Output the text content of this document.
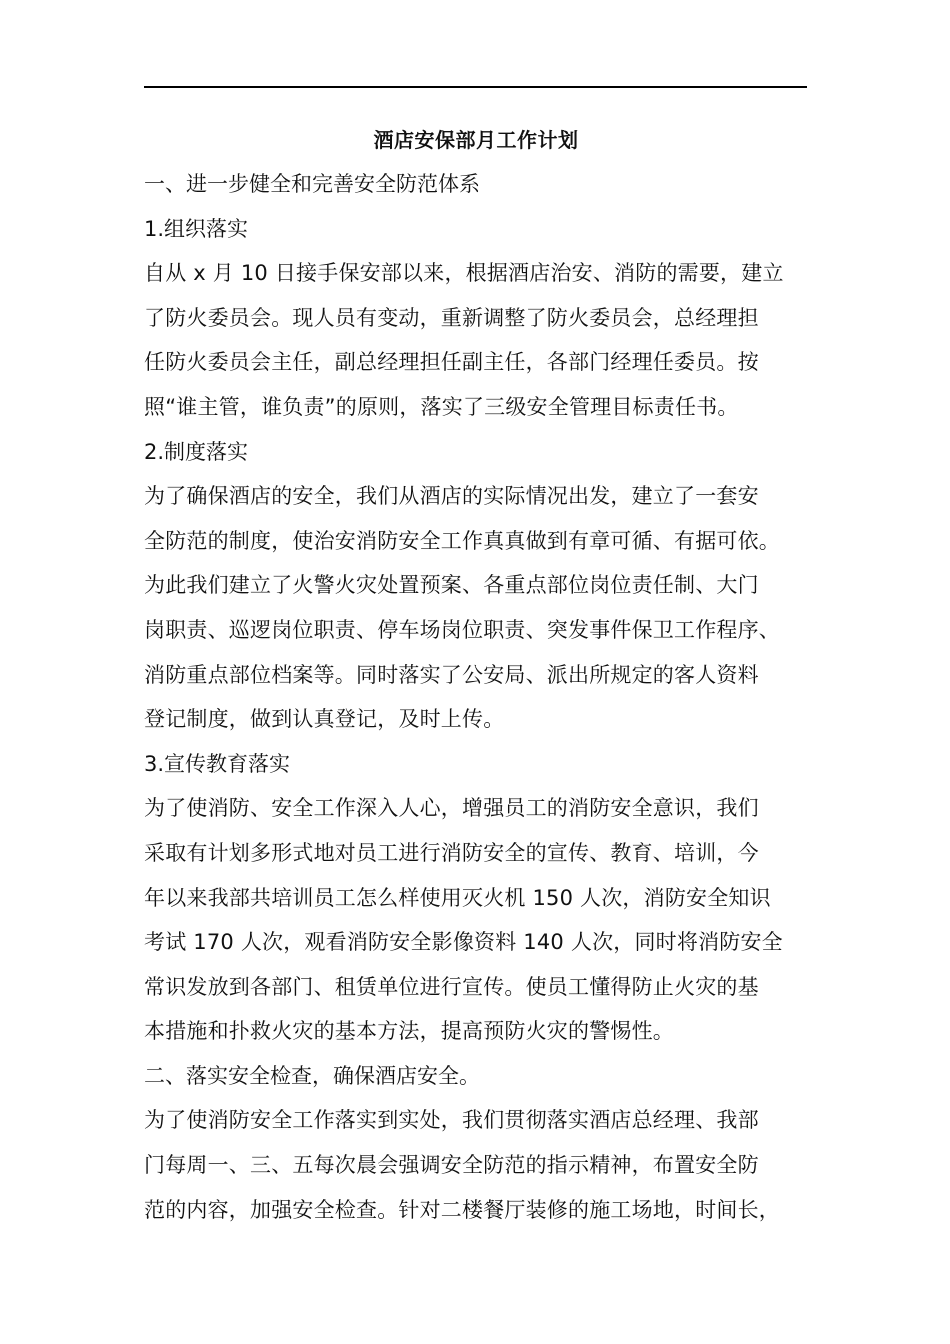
酒店安保部月工作计划

一、进一步健全和完善安全防范体系

1.组织落实

自从 x 月 10 日接手保安部以来，根据酒店治安、消防的需要，建立

了防火委员会。现人员有变动，重新调整了防火委员会，总经理担

任防火委员会主任，副总经理担任副主任，各部门经理任委员。按

照“谁主管，谁负责”的原则，落实了三级安全管理目标责任书。

2.制度落实

为了确保酒店的安全，我们从酒店的实际情况出发，建立了一套安

全防范的制度，使治安消防安全工作真真做到有章可循、有据可依。

为此我们建立了火警火灾处置预案、各重点部位岗位责任制、大门

岗职责、巡逻岗位职责、停车场岗位职责、突发事件保卫工作程序、

消防重点部位档案等。同时落实了公安局、派出所规定的客人资料

登记制度，做到认真登记，及时上传。

3.宣传教育落实

为了使消防、安全工作深入人心，增强员工的消防安全意识，我们

采取有计划多形式地对员工进行消防安全的宣传、教育、培训，今

年以来我部共培训员工怎么样使用灭火机 150 人次，消防安全知识

考试 170 人次，观看消防安全影像资料 140 人次，同时将消防安全

常识发放到各部门、租赁单位进行宣传。使员工懂得防止火灾的基

本措施和扑救火灾的基本方法，提高预防火灾的警惕性。

二、落实安全检查，确保酒店安全。

为了使消防安全工作落实到实处，我们贯彻落实酒店总经理、我部

门每周一、三、五每次晨会强调安全防范的指示精神，布置安全防

范的内容，加强安全检查。针对二楼餐厅装修的施工场地，时间长，
